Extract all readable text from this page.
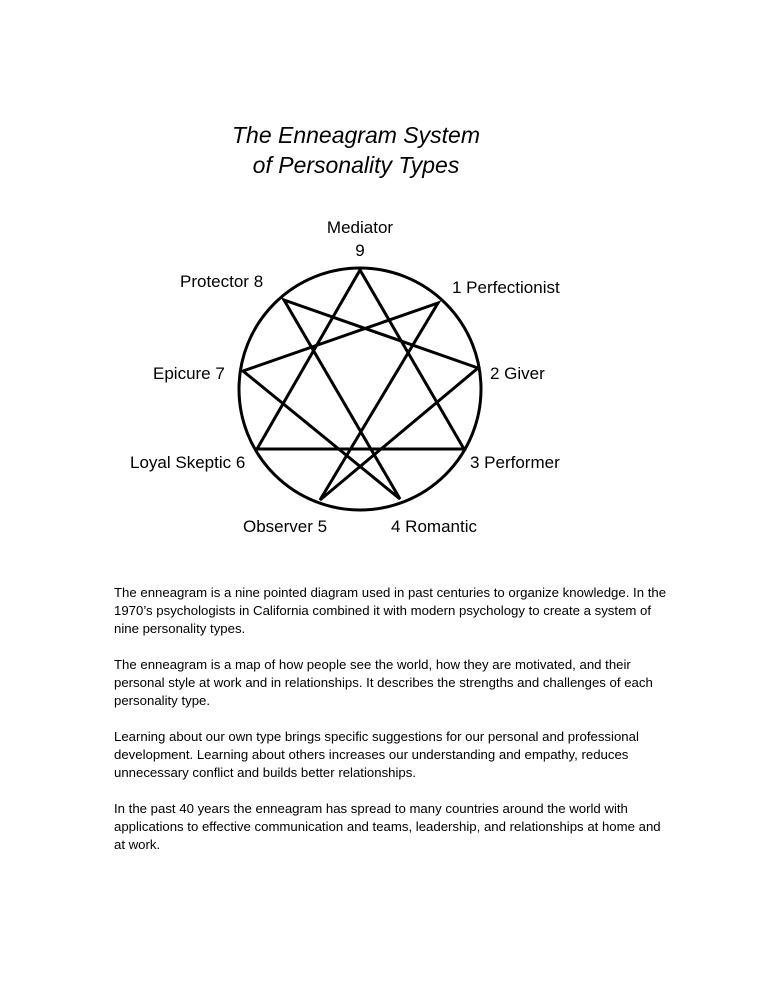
The Enneagram System
of Personality Types
Mediator
9
Protector 8	1 Perfectionist
Epicure 7	2 Giver
Loyal Skeptic 6	3 Performer
Observer 5	4 Romantic

The enneagram is a nine pointed diagram used in past centuries to organize knowledge. In the 1970’s psychologists in California combined it with modern psychology to create a system of nine personality types.

The enneagram is a map of how people see the world, how they are motivated, and their personal style at work and in relationships. It describes the strengths and challenges of each personality type.

Learning about our own type brings specific suggestions for our personal and professional development. Learning about others increases our understanding and empathy, reduces unnecessary conflict and builds better relationships.

In the past 40 years the enneagram has spread to many countries around the world with applications to effective communication and teams, leadership, and relationships at home and at work.
